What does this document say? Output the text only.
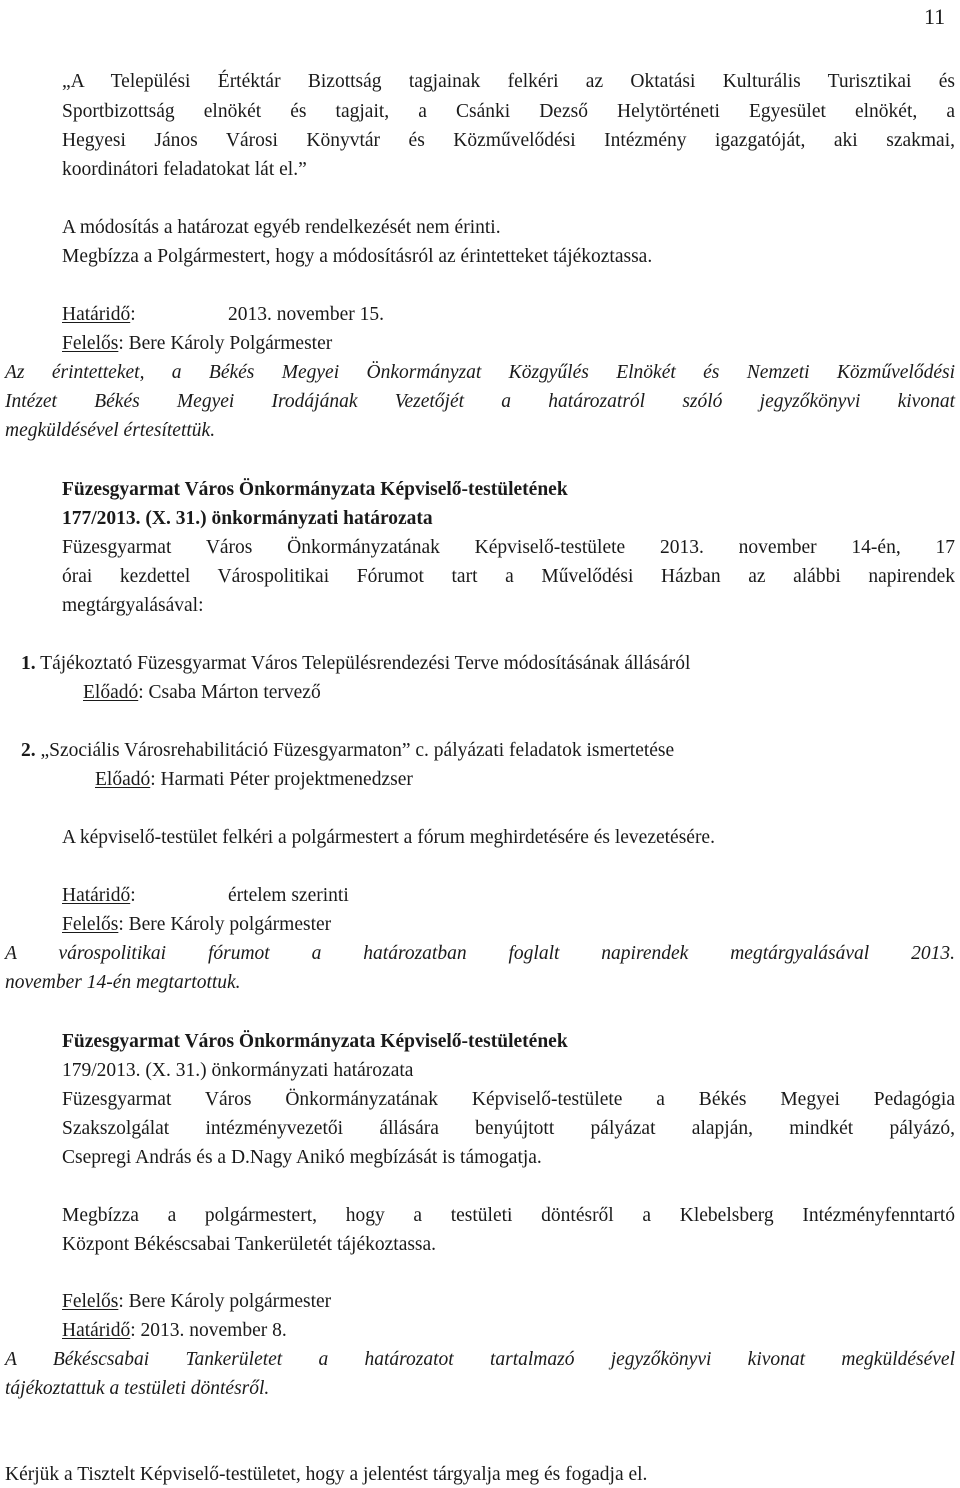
11
„A Települési Értéktár Bizottság tagjainak felkéri az Oktatási Kulturális Turisztikai és
Sportbizottság elnökét és tagjait, a Csánki Dezső Helytörténeti Egyesület elnökét, a
Hegyesi János Városi Könyvtár és Közművelődési Intézmény igazgatóját, aki szakmai,
koordinátori feladatokat lát el.”
A módosítás a határozat egyéb rendelkezését nem érinti.
Megbízza a Polgármestert, hogy a módosításról az érintetteket tájékoztassa.
Határidő:	2013. november 15.
Felelős: Bere Károly Polgármester
Az érintetteket, a Békés Megyei Önkormányzat Közgyűlés Elnökét és Nemzeti Közművelődési
Intézet Békés Megyei Irodájának Vezetőjét a határozatról szóló jegyzőkönyvi kivonat
megküldésével értesítettük.
Füzesgyarmat Város Önkormányzata Képviselő-testületének
177/2013. (X. 31.) önkormányzati határozata
Füzesgyarmat Város Önkormányzatának Képviselő-testülete 2013. november 14-én, 17
órai kezdettel Várospolitikai Fórumot tart a Művelődési Házban az alábbi napirendek
megtárgyalásával:
1. Tájékoztató Füzesgyarmat Város Településrendezési Terve módosításának állásáról
Előadó: Csaba Márton tervező
2. „Szociális Városrehabilitáció Füzesgyarmaton” c. pályázati feladatok ismertetése
Előadó: Harmati Péter projektmenedzser
A képviselő-testület felkéri a polgármestert a fórum meghirdetésére és levezetésére.
Határidő:	értelem szerinti
Felelős: Bere Károly polgármester
A várospolitikai fórumot a határozatban foglalt napirendek megtárgyalásával 2013.
november 14-én megtartottuk.
Füzesgyarmat Város Önkormányzata Képviselő-testületének
179/2013. (X. 31.) önkormányzati határozata
Füzesgyarmat Város Önkormányzatának Képviselő-testülete a Békés Megyei Pedagógia
Szakszolgálat intézményvezetői állására benyújtott pályázat alapján, mindkét pályázó,
Csepregi András és a D.Nagy Anikó megbízását is támogatja.
Megbízza a polgármestert, hogy a testületi döntésről a Klebelsberg Intézményfenntartó
Központ Békéscsabai Tankerületét tájékoztassa.
Felelős: Bere Károly polgármester
Határidő: 2013. november 8.
A Békéscsabai Tankerületet a határozatot tartalmazó jegyzőkönyvi kivonat megküldésével
tájékoztattuk a testületi döntésről.
Kérjük a Tisztelt Képviselő-testületet, hogy a jelentést tárgyalja meg és fogadja el.
